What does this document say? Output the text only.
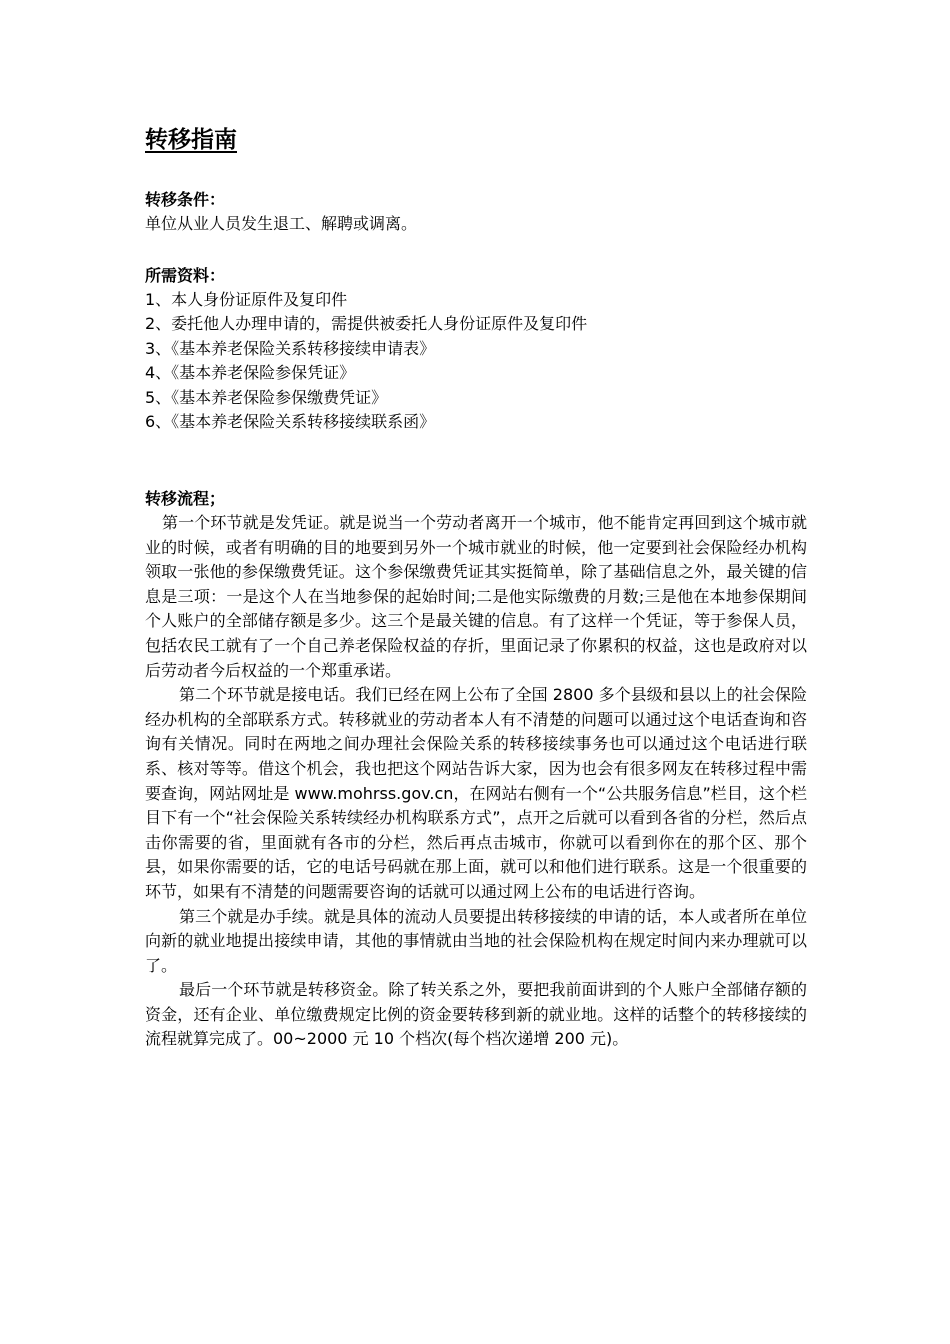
转移指南

转移条件：

单位从业人员发生退工、解聘或调离。

所需资料：

1、本人身份证原件及复印件

2、委托他人办理申请的，需提供被委托人身份证原件及复印件

3、《基本养老保险关系转移接续申请表》

4、《基本养老保险参保凭证》

5、《基本养老保险参保缴费凭证》

6、《基本养老保险关系转移接续联系函》

转移流程；

第一个环节就是发凭证。就是说当一个劳动者离开一个城市，他不能肯定再回到这个城市就业的时候，或者有明确的目的地要到另外一个城市就业的时候，他一定要到社会保险经办机构领取一张他的参保缴费凭证。这个参保缴费凭证其实挺简单，除了基础信息之外，最关键的信息是三项：一是这个人在当地参保的起始时间;二是他实际缴费的月数;三是他在本地参保期间个人账户的全部储存额是多少。这三个是最关键的信息。有了这样一个凭证，等于参保人员，包括农民工就有了一个自己养老保险权益的存折，里面记录了你累积的权益，这也是政府对以后劳动者今后权益的一个郑重承诺。

第二个环节就是接电话。我们已经在网上公布了全国 2800 多个县级和县以上的社会保险经办机构的全部联系方式。转移就业的劳动者本人有不清楚的问题可以通过这个电话查询和咨询有关情况。同时在两地之间办理社会保险关系的转移接续事务也可以通过这个电话进行联系、核对等等。借这个机会，我也把这个网站告诉大家，因为也会有很多网友在转移过程中需要查询，网站网址是 www.mohrss.gov.cn，在网站右侧有一个“公共服务信息”栏目，这个栏目下有一个“社会保险关系转续经办机构联系方式”，点开之后就可以看到各省的分栏，然后点击你需要的省，里面就有各市的分栏，然后再点击城市，你就可以看到你在的那个区、那个县，如果你需要的话，它的电话号码就在那上面，就可以和他们进行联系。这是一个很重要的环节，如果有不清楚的问题需要咨询的话就可以通过网上公布的电话进行咨询。

第三个就是办手续。就是具体的流动人员要提出转移接续的申请的话，本人或者所在单位向新的就业地提出接续申请，其他的事情就由当地的社会保险机构在规定时间内来办理就可以了。

最后一个环节就是转移资金。除了转关系之外，要把我前面讲到的个人账户全部储存额的资金，还有企业、单位缴费规定比例的资金要转移到新的就业地。这样的话整个的转移接续的流程就算完成了。00~2000 元 10 个档次(每个档次递增 200 元)。
